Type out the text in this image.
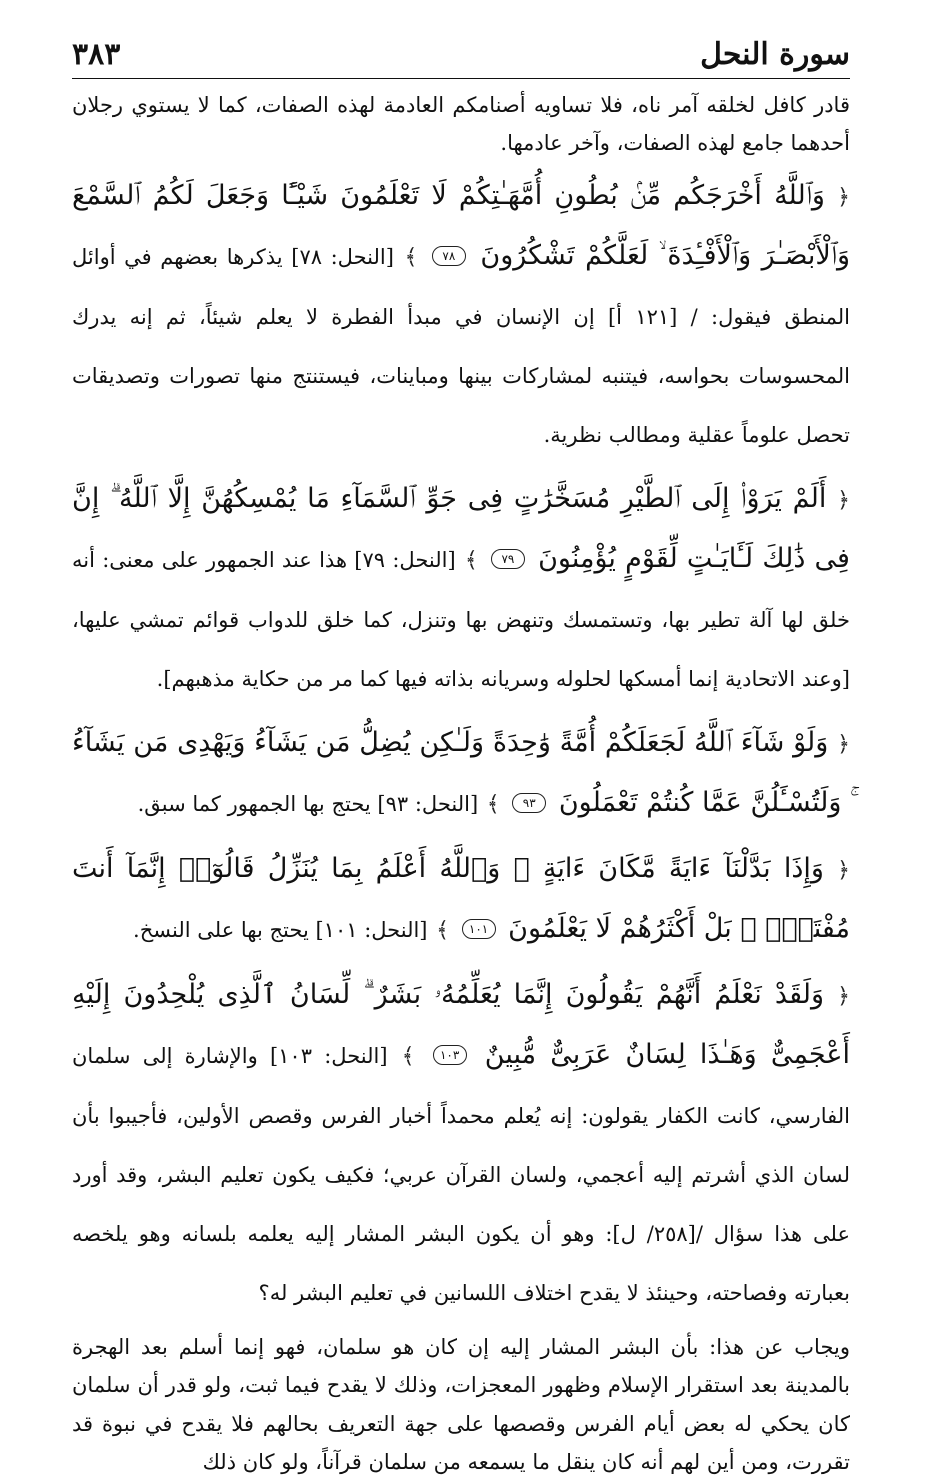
سورة النحل
٣٨٣

قادر كافل لخلقه آمر ناه، فلا تساويه أصنامكم العادمة لهذه الصفات، كما لا يستوي رجلان أحدهما جامع لهذه الصفات، وآخر عادمها.

﴿ وَٱللَّهُ أَخْرَجَكُم مِّنۢ بُطُونِ أُمَّهَـٰتِكُمْ لَا تَعْلَمُونَ شَيْـًٔا وَجَعَلَ لَكُمُ ٱلسَّمْعَ وَٱلْأَبْصَـٰرَ وَٱلْأَفْـِٔدَةَ ۙ لَعَلَّكُمْ تَشْكُرُونَ ٧٨ ﴾ [النحل: ٧٨] يذكرها بعضهم في أوائل المنطق فيقول: / [١٢١ أ] إن الإنسان في مبدأ الفطرة لا يعلم شيئاً، ثم إنه يدرك المحسوسات بحواسه، فيتنبه لمشاركات بينها ومباينات، فيستنتج منها تصورات وتصديقات تحصل علوماً عقلية ومطالب نظرية.

﴿ أَلَمْ يَرَوْا۟ إِلَى ٱلطَّيْرِ مُسَخَّرَٰتٍ فِى جَوِّ ٱلسَّمَآءِ مَا يُمْسِكُهُنَّ إِلَّا ٱللَّهُ ۗ إِنَّ فِى ذَٰلِكَ لَـَٔايَـٰتٍ لِّقَوْمٍ يُؤْمِنُونَ ٧٩ ﴾ [النحل: ٧٩] هذا عند الجمهور على معنى: أنه خلق لها آلة تطير بها، وتستمسك وتنهض بها وتنزل، كما خلق للدواب قوائم تمشي عليها، [وعند الاتحادية إنما أمسكها لحلوله وسريانه بذاته فيها كما مر من حكاية مذهبهم].

﴿ وَلَوْ شَآءَ ٱللَّهُ لَجَعَلَكُمْ أُمَّةً وَٰحِدَةً وَلَـٰكِن يُضِلُّ مَن يَشَآءُ وَيَهْدِى مَن يَشَآءُ ۚ وَلَتُسْـَٔلُنَّ عَمَّا كُنتُمْ تَعْمَلُونَ ٩٣ ﴾ [النحل: ٩٣] يحتج بها الجمهور كما سبق.

﴿ وَإِذَا بَدَّلْنَآ ءَايَةً مَّكَانَ ءَايَةٍ ۙ وَٱللَّهُ أَعْلَمُ بِمَا يُنَزِّلُ قَالُوٓا۟ إِنَّمَآ أَنتَ مُفْتَرٍۭ ۚ بَلْ أَكْثَرُهُمْ لَا يَعْلَمُونَ ١٠١ ﴾ [النحل: ١٠١] يحتج بها على النسخ.

﴿ وَلَقَدْ نَعْلَمُ أَنَّهُمْ يَقُولُونَ إِنَّمَا يُعَلِّمُهُۥ بَشَرٌ ۗ لِّسَانُ ٱلَّذِى يُلْحِدُونَ إِلَيْهِ أَعْجَمِىٌّ وَهَـٰذَا لِسَانٌ عَرَبِىٌّ مُّبِينٌ ١٠٣ ﴾ [النحل: ١٠٣] والإشارة إلى سلمان الفارسي، كانت الكفار يقولون: إنه يُعلم محمداً أخبار الفرس وقصص الأولين، فأجيبوا بأن لسان الذي أشرتم إليه أعجمي، ولسان القرآن عربي؛ فكيف يكون تعليم البشر، وقد أورد على هذا سؤال /[٢٥٨/ ل]: وهو أن يكون البشر المشار إليه يعلمه بلسانه وهو يلخصه بعبارته وفصاحته، وحينئذ لا يقدح اختلاف اللسانين في تعليم البشر له؟

ويجاب عن هذا: بأن البشر المشار إليه إن كان هو سلمان، فهو إنما أسلم بعد الهجرة بالمدينة بعد استقرار الإسلام وظهور المعجزات، وذلك لا يقدح فيما ثبت، ولو قدر أن سلمان كان يحكي له بعض أيام الفرس وقصصها على جهة التعريف بحالهم فلا يقدح في نبوة قد تقررت، ومن أين لهم أنه كان ينقل ما يسمعه من سلمان قرآناً، ولو كان ذلك
